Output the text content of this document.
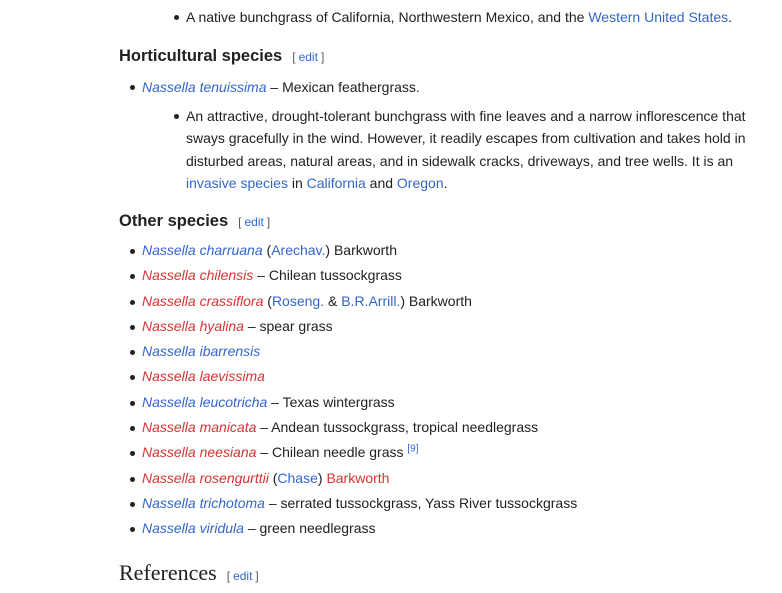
A native bunchgrass of California, Northwestern Mexico, and the Western United States.
Horticultural species [ edit ]
Nassella tenuissima – Mexican feathergrass.
An attractive, drought-tolerant bunchgrass with fine leaves and a narrow inflorescence that sways gracefully in the wind. However, it readily escapes from cultivation and takes hold in disturbed areas, natural areas, and in sidewalk cracks, driveways, and tree wells. It is an invasive species in California and Oregon.
Other species [ edit ]
Nassella charruana (Arechav.) Barkworth
Nassella chilensis – Chilean tussockgrass
Nassella crassiflora (Roseng. & B.R.Arrill.) Barkworth
Nassella hyalina – spear grass
Nassella ibarrensis
Nassella laevissima
Nassella leucotricha – Texas wintergrass
Nassella manicata – Andean tussockgrass, tropical needlegrass
Nassella neesiana – Chilean needle grass [9]
Nassella rosengurttii (Chase) Barkworth
Nassella trichotoma – serrated tussockgrass, Yass River tussockgrass
Nassella viridula – green needlegrass
References [ edit ]
